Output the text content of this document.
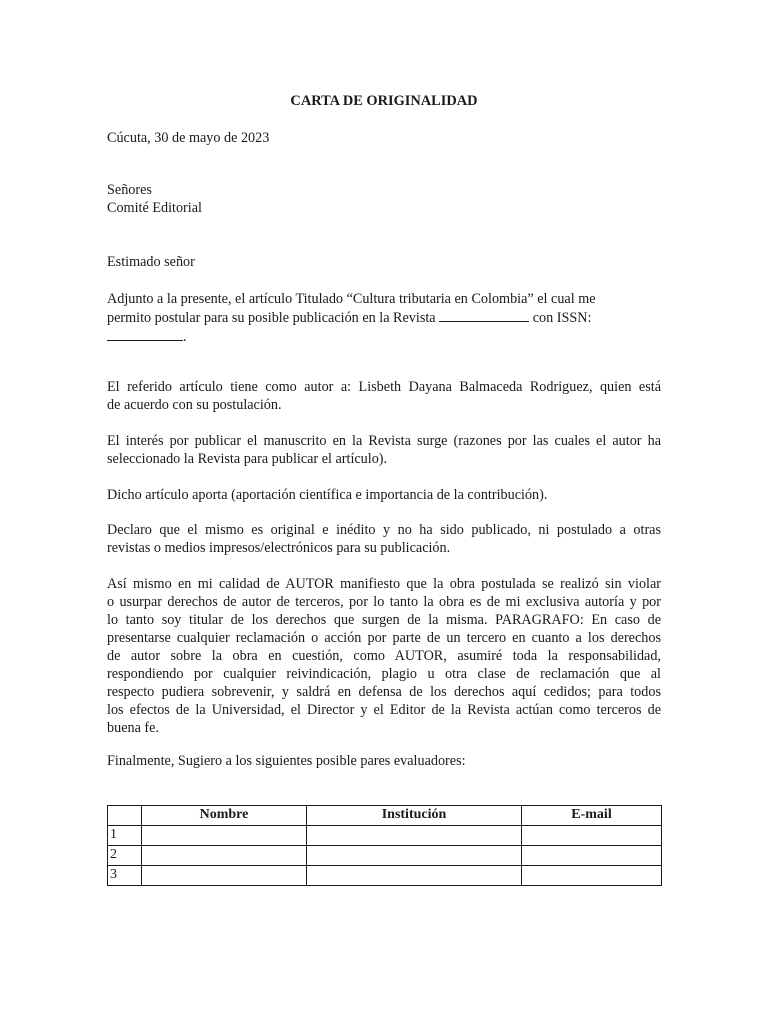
CARTA DE ORIGINALIDAD
Cúcuta, 30 de mayo de 2023
Señores
Comité Editorial
Estimado señor
Adjunto a la presente, el artículo Titulado “Cultura tributaria en Colombia” el cual me
permito postular para su posible publicación en la Revista	con ISSN:
.
El referido artículo tiene como autor a: Lisbeth Dayana Balmaceda Rodriguez, quien está
de acuerdo con su postulación.
El interés por publicar el manuscrito en la Revista surge (razones por las cuales el autor ha
seleccionado la Revista para publicar el artículo).
Dicho artículo aporta (aportación científica e importancia de la contribución).
Declaro que el mismo es original e inédito y no ha sido publicado, ni postulado a otras
revistas o medios impresos/electrónicos para su publicación.
Así mismo en mi calidad de AUTOR manifiesto que la obra postulada se realizó sin violar
o usurpar derechos de autor de terceros, por lo tanto la obra es de mi exclusiva autoría y por
lo tanto soy titular de los derechos que surgen de la misma. PARAGRAFO: En caso de
presentarse cualquier reclamación o acción por parte de un tercero en cuanto a los derechos
de autor sobre la obra en cuestión, como AUTOR, asumiré toda la responsabilidad,
respondiendo por cualquier reivindicación, plagio u otra clase de reclamación que al
respecto pudiera sobrevenir, y saldrá en defensa de los derechos aquí cedidos; para todos
los efectos de la Universidad, el Director y el Editor de la Revista actúan como terceros de
buena fe.
Finalmente, Sugiero a los siguientes posible pares evaluadores:
	Nombre	Institución	E-mail
1			
2			
3			
